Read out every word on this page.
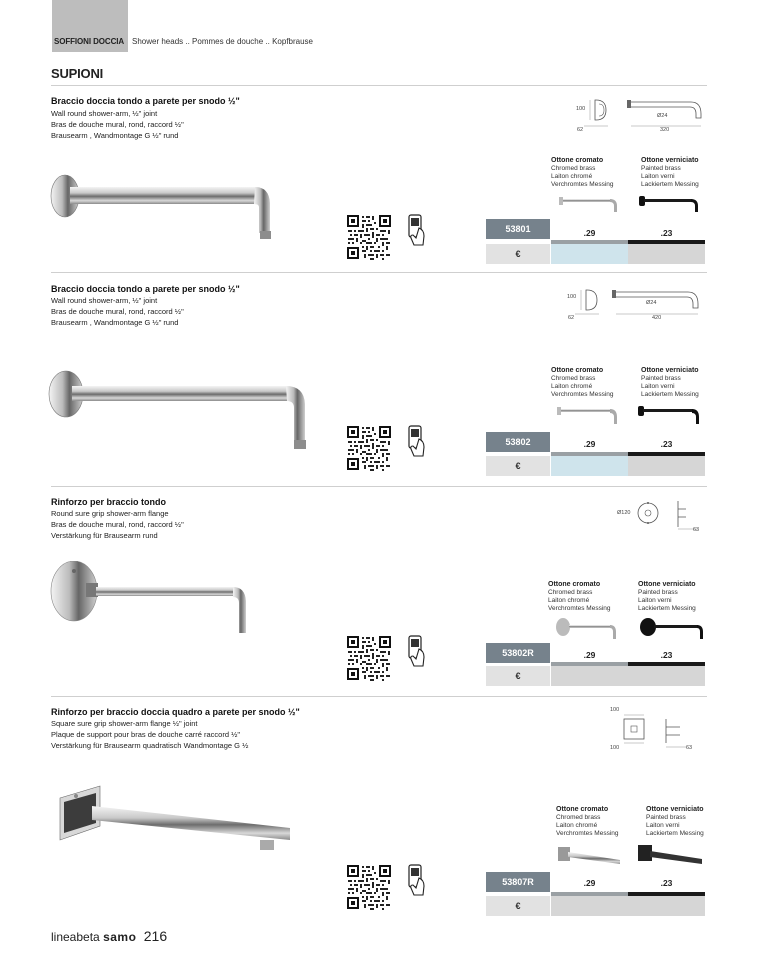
SOFFIONI DOCCIA Shower heads .. Pommes de douche .. Kopfbrause
SUPIONI
Braccio doccia tondo a parete per snodo ½"
Wall round shower-arm, ½" joint
Bras de douche mural, rond, raccord ½"
Brausearm , Wandmontage G ½" rund
100
62
Ø24
320
Ottone cromato
Chromed brass
Laiton chromé
Verchromtes Messing
Ottone verniciato
Painted brass
Laiton verni
Lackiertem Messing
53801	.29	.23
€
Braccio doccia tondo a parete per snodo ½"
Wall round shower-arm, ½" joint
Bras de douche mural, rond, raccord ½"
Brausearm , Wandmontage G ½" rund
100
62
Ø24
420
Ottone cromato
Chromed brass
Laiton chromé
Verchromtes Messing
Ottone verniciato
Painted brass
Laiton verni
Lackiertem Messing
53802	.29	.23
€
Rinforzo per braccio tondo
Round sure grip shower-arm flange
Bras de douche mural, rond, raccord ½"
Verstärkung für Brausearm rund
Ø120
63
Ottone cromato
Chromed brass
Laiton chromé
Verchromtes Messing
Ottone verniciato
Painted brass
Laiton verni
Lackiertem Messing
53802R	.29	.23
€
Rinforzo per braccio doccia quadro a parete per snodo ½"
Square sure grip shower-arm flange ½" joint
Plaque de support pour bras de douche carré raccord ½"
Verstärkung für Brausearm quadratisch Wandmontage G ½
100
100	63
Ottone cromato
Chromed brass
Laiton chromé
Verchromtes Messing
Ottone verniciato
Painted brass
Laiton verni
Lackiertem Messing
53807R	.29	.23
€
lineabeta samo 216
